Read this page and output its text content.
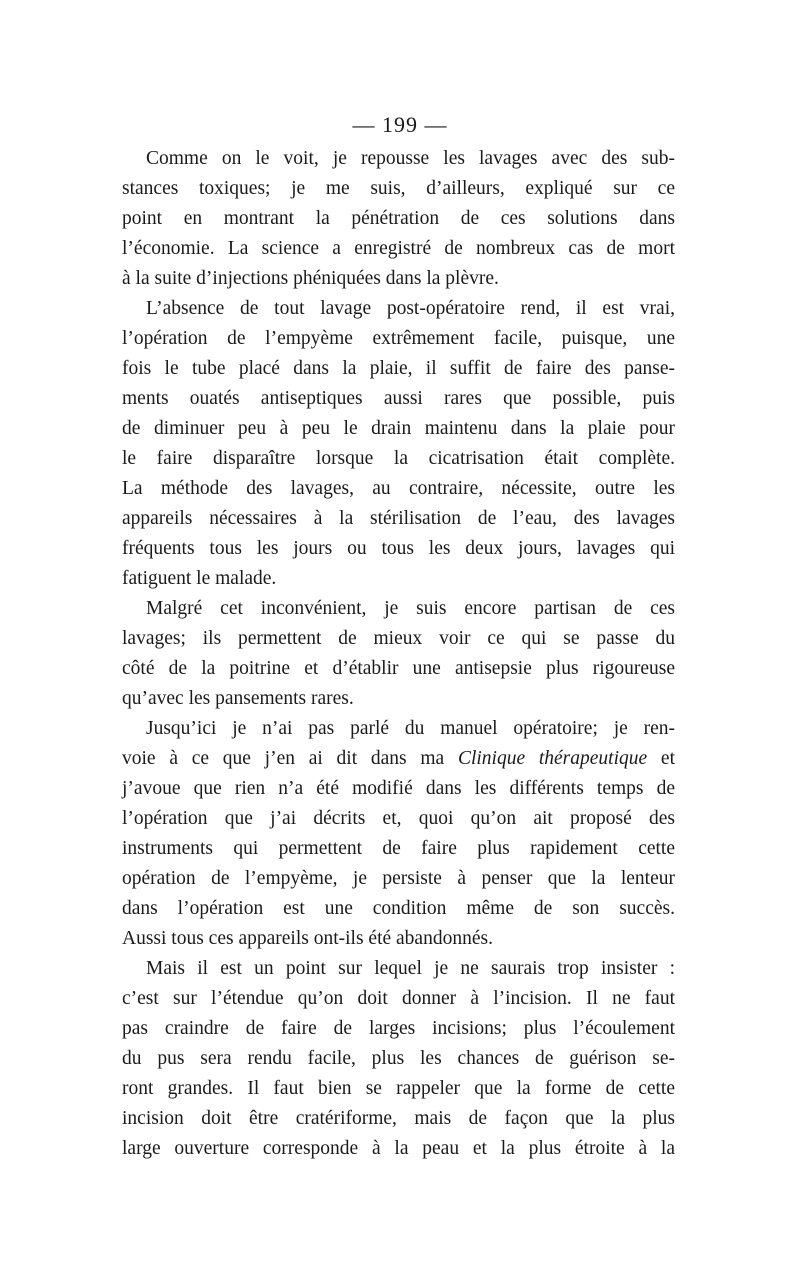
— 199 —
Comme on le voit, je repousse les lavages avec des sub-
stances toxiques; je me suis, d’ailleurs, expliqué sur ce
point en montrant la pénétration de ces solutions dans
l’économie. La science a enregistré de nombreux cas de mort
à la suite d’injections phéniquées dans la plèvre.
L’absence de tout lavage post-opératoire rend, il est vrai,
l’opération de l’empyème extrêmement facile, puisque, une
fois le tube placé dans la plaie, il suffit de faire des panse-
ments ouatés antiseptiques aussi rares que possible, puis
de diminuer peu à peu le drain maintenu dans la plaie pour
le faire disparaître lorsque la cicatrisation était complète.
La méthode des lavages, au contraire, nécessite, outre les
appareils nécessaires à la stérilisation de l’eau, des lavages
fréquents tous les jours ou tous les deux jours, lavages qui
fatiguent le malade.
Malgré cet inconvénient, je suis encore partisan de ces
lavages; ils permettent de mieux voir ce qui se passe du
côté de la poitrine et d’établir une antisepsie plus rigoureuse
qu’avec les pansements rares.
Jusqu’ici je n’ai pas parlé du manuel opératoire; je ren-
voie à ce que j’en ai dit dans ma Clinique thérapeutique et
j’avoue que rien n’a été modifié dans les différents temps de
l’opération que j’ai décrits et, quoi qu’on ait proposé des
instruments qui permettent de faire plus rapidement cette
opération de l’empyème, je persiste à penser que la lenteur
dans l’opération est une condition même de son succès.
Aussi tous ces appareils ont-ils été abandonnés.
Mais il est un point sur lequel je ne saurais trop insister :
c’est sur l’étendue qu’on doit donner à l’incision. Il ne faut
pas craindre de faire de larges incisions; plus l’écoulement
du pus sera rendu facile, plus les chances de guérison se-
ront grandes. Il faut bien se rappeler que la forme de cette
incision doit être cratériforme, mais de façon que la plus
large ouverture corresponde à la peau et la plus étroite à la
